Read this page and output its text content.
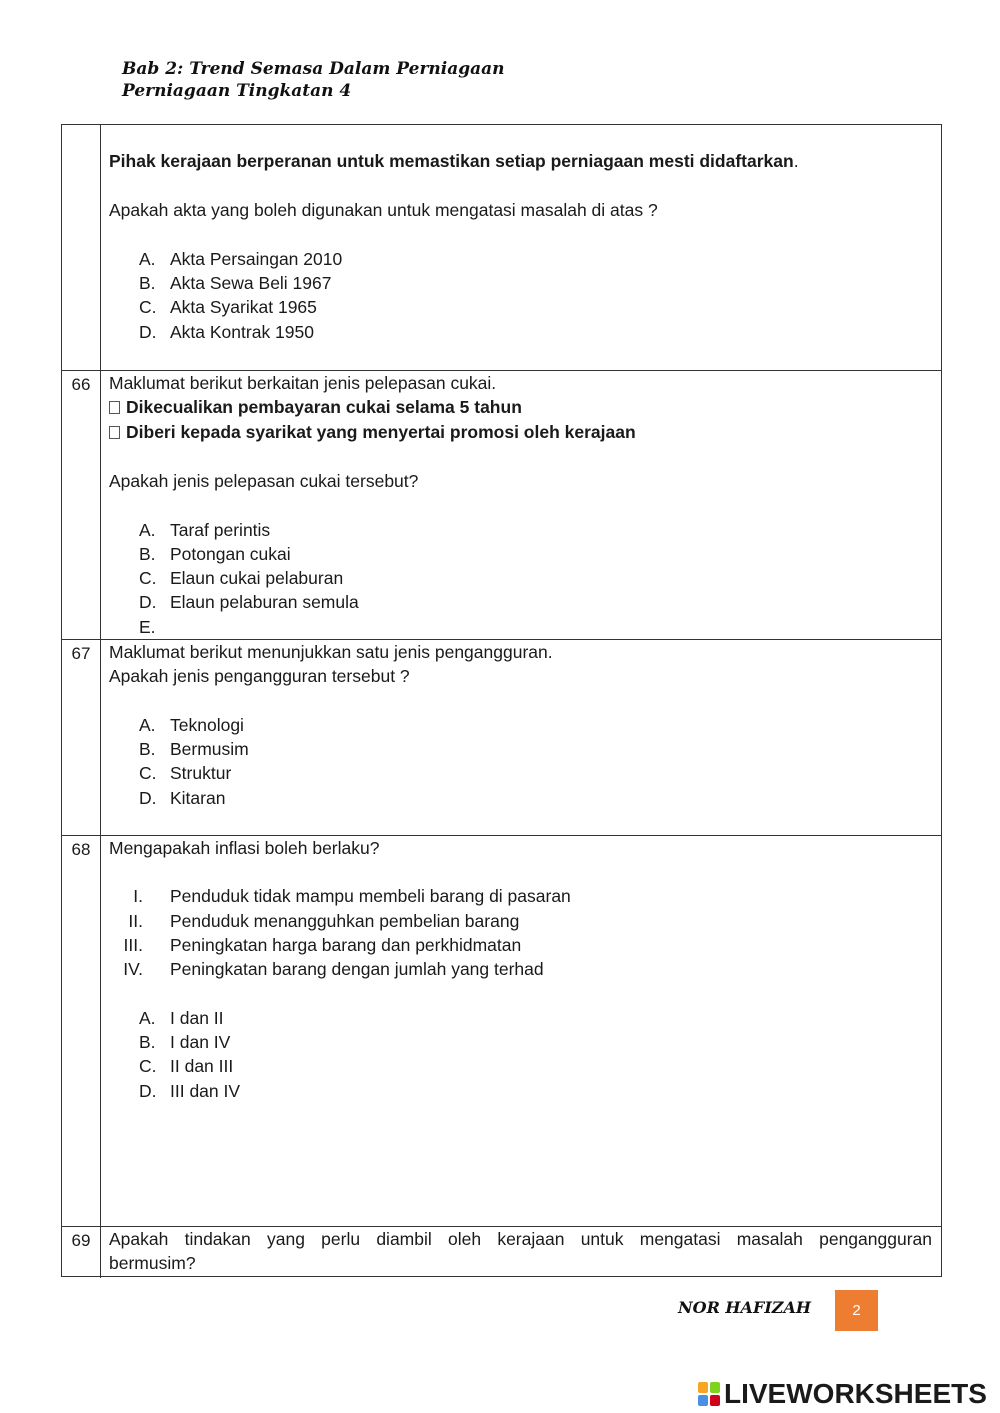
Bab 2: Trend Semasa Dalam Perniagaan
Perniagaan Tingkatan 4
Pihak kerajaan berperanan untuk memastikan setiap perniagaan mesti didaftarkan.
Apakah akta yang boleh digunakan untuk mengatasi masalah di atas ?
A. Akta Persaingan 2010
B. Akta Sewa Beli 1967
C. Akta Syarikat 1965
D. Akta Kontrak 1950
66	Maklumat berikut berkaitan jenis pelepasan cukai.
Dikecualikan pembayaran cukai selama 5 tahun
Diberi kepada syarikat yang menyertai promosi oleh kerajaan
Apakah jenis pelepasan cukai tersebut?
A. Taraf perintis
B. Potongan cukai
C. Elaun cukai pelaburan
D. Elaun pelaburan semula
E.
67	Maklumat berikut menunjukkan satu jenis pengangguran.
Apakah jenis pengangguran tersebut ?
A. Teknologi
B. Bermusim
C. Struktur
D. Kitaran
68	Mengapakah inflasi boleh berlaku?
I. Penduduk tidak mampu membeli barang di pasaran
II. Penduduk menangguhkan pembelian barang
III. Peningkatan harga barang dan perkhidmatan
IV. Peningkatan barang dengan jumlah yang terhad
A. I dan II
B. I dan IV
C. II dan III
D. III dan IV
69	Apakah tindakan yang perlu diambil oleh kerajaan untuk mengatasi masalah pengangguran
bermusim?
NOR HAFIZAH	2
LIVEWORKSHEETS
